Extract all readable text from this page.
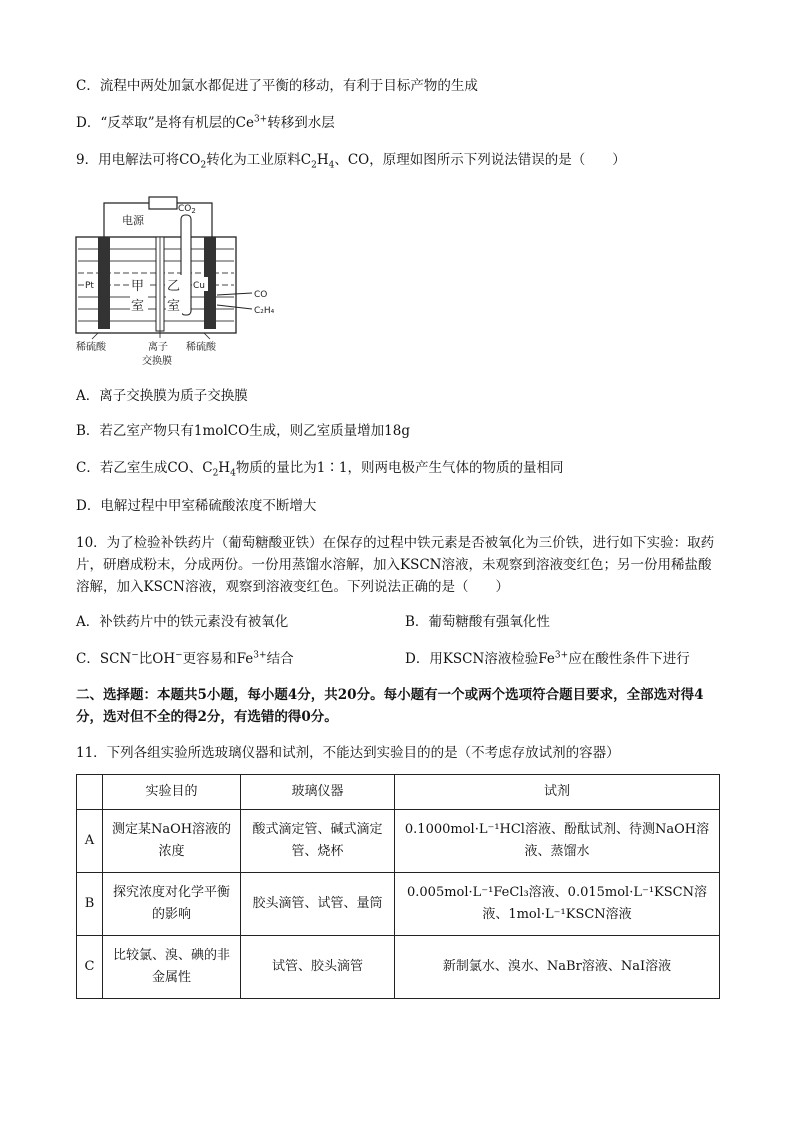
C．流程中两处加氯水都促进了平衡的移动，有利于目标产物的生成
D．“反萃取”是将有机层的$Ce^{3+}$转移到水层
9．用电解法可将$CO_2$转化为工业原料$C_2H_4$、CO，原理如图所示下列说法错误的是（　　）
电源
Pt	Cu
$CO_2$
甲
室
乙
室
CO
C₂H₄
稀硫酸	离子
交换膜
稀硫酸
A．离子交换膜为质子交换膜
B．若乙室产物只有1molCO生成，则乙室质量增加18g
C．若乙室生成CO、$C_2H_4$物质的量比为1∶1，则两电极产生气体的物质的量相同
D．电解过程中甲室稀硫酸浓度不断增大
10．为了检验补铁药片（葡萄糖酸亚铁）在保存的过程中铁元素是否被氧化为三价铁，进行如下实验：取药片，研磨成粉末，分成两份。一份用蒸馏水溶解，加入KSCN溶液，未观察到溶液变红色；另一份用稀盐酸溶解，加入KSCN溶液，观察到溶液变红色。下列说法正确的是（　　）
A．补铁药片中的铁元素没有被氧化	B．葡萄糖酸有强氧化性
C．SCN−比OH−更容易和$Fe^{3+}$结合	D．用KSCN溶液检验$Fe^{3+}$应在酸性条件下进行
二、选择题：本题共5小题，每小题4分，共20分。每小题有一个或两个选项符合题目要求，全部选对得4分，选对但不全的得2分，有选错的得0分。
11．下列各组实验所选玻璃仪器和试剂，不能达到实验目的的是（不考虑存放试剂的容器）
	实验目的	玻璃仪器	试剂
A	测定某NaOH溶液的浓度	酸式滴定管、碱式滴定管、烧杯	0.1000mol·L⁻¹HCl溶液、酚酞试剂、待测NaOH溶液、蒸馏水
B	探究浓度对化学平衡的影响	胶头滴管、试管、量筒	0.005mol·L⁻¹FeCl₃溶液、0.015mol·L⁻¹KSCN溶液、1mol·L⁻¹KSCN溶液
C	比较氯、溴、碘的非金属性	试管、胶头滴管	新制氯水、溴水、NaBr溶液、NaI溶液
